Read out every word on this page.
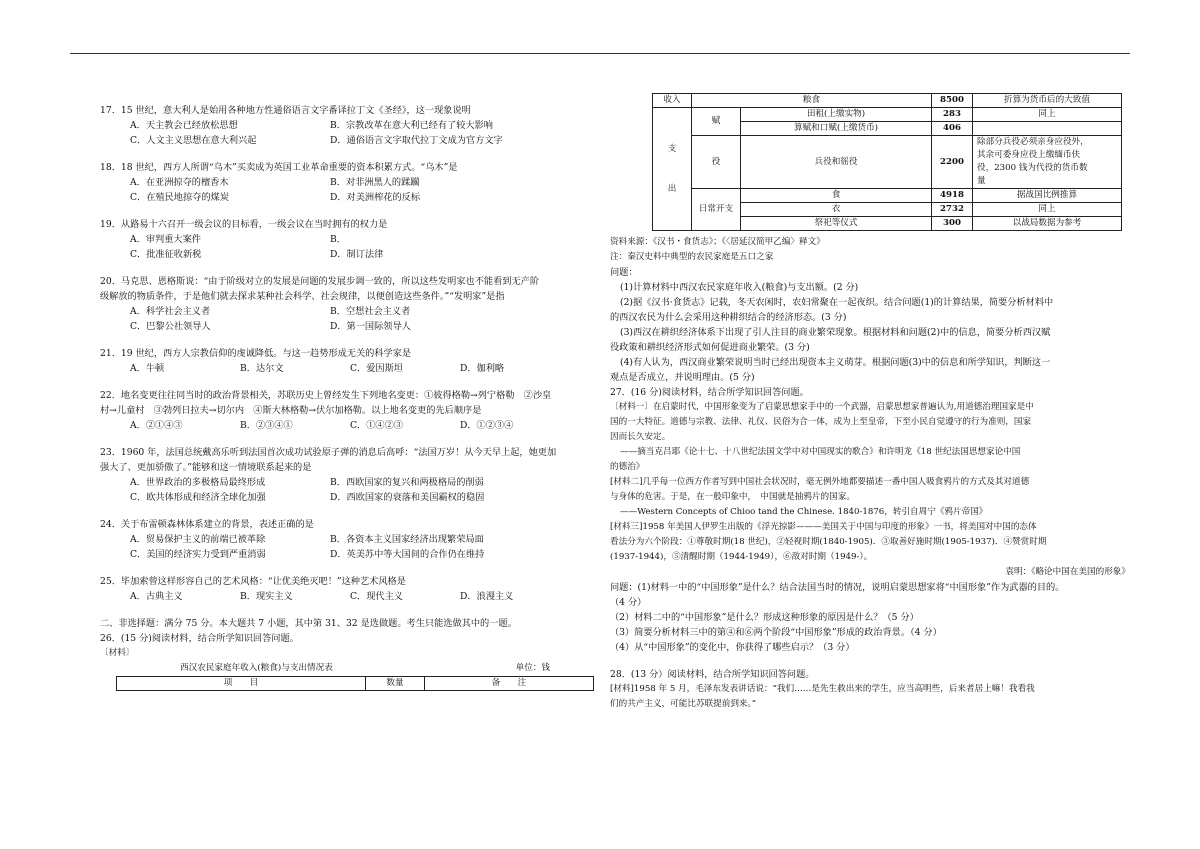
17．15 世纪，意大利人是始用各种地方性通俗语言文字番译拉丁文《圣经》，这一现象说明

A．天主教会已经放松思想	B．宗教改革在意大利已经有了较大影响
C．人文主义思想在意大利兴起	D．通俗语言文字取代拉丁文成为官方文字

18．18 世纪，西方人所谓“乌木”买卖成为英国工业革命重要的资本积累方式。“乌木”是

A．在亚洲掠夺的檀香木	B．对非洲黑人的蹂躏
C．在殖民地掠夺的煤炭	D．对美洲榨花的反标

19．从路易十六召开一级会议的目标看，一级会议在当时拥有的权力是

A．审判重大案件	B．
C．批准征收新税	D．制订法律

20．马克思、恩格斯说：“由于阶级对立的发展是问题的发展步调一致的，所以这些发明家也不能看到无产阶

级解放的物质条件，于是他们就去探求某种社会科学、社会规律，以便创造这些条件。”“发明家”是指

A．科学社会主义者	B．空想社会主义者
C．巴黎公社领导人	D．第一国际领导人

21．19 世纪，西方人宗教信仰的虔诚降低。与这一趋势形成无关的科学家是

A．牛顿	B．达尔文	C．爱因斯坦	D．伽利略

22．地名变更往往同当时的政治背景相关，苏联历史上曾经发生下列地名变更：①彼得格勒→列宁格勒　②沙皇

村→儿童村　③勃列日拉夫→切尔内　④斯大林格勒→伏尔加格勒。以上地名变更的先后顺序是

A．②①④③	B．②③④①	C．①④②③	D．①②③④

23．1960 年，法国总统戴高乐听到法国首次成功试验原子弹的消息后高呼：“法国万岁！从今天早上起，她更加

强大了、更加骄傲了。”能够和这一情境联系起来的是

A．世界政治的多极格局最终形成	B．西欧国家的复兴和两极格局的削弱
C．欧共体形成和经济全球化加强	D．西欧国家的衰落和美国霸权的稳固

24．关于布雷顿森林体系建立的背景，表述正确的是

A．贸易保护主义的前端已被革除	B．各资本主义国家经济出现繁荣局面
C．美国的经济实力受到严重消弱	D．英美苏中等大国间的合作仍在维持

25．毕加索曾这样形容自己的艺术风格：“让优美绝灭吧！”这种艺术风格是

A．古典主义	B．现实主义	C．现代主义	D．浪漫主义

二、非选择题：满分 75 分。本大题共 7 小题，其中第 31、32 是选做题。考生只能选做其中的一题。

26．(15 分)阅读材料，结合所学知识回答问题。

〔材料〕

西汉农民家庭年收入(粮食)与支出情况表	单位：钱
项　　目	数量	备　　注
收入	粮食		8500	折算为货币后的大致值
支

出	赋	田租(上缴实物)	283	同上
		算赋和口赋(上缴货币)	406	
	役	兵役和徭役	2200	除部分兵役必须亲身应役外，
其余可委身应役上缴缅币伕
役，2300 钱为代役的货币数
量

	日常开支	食	4918	据战国比例推算
		衣	2732	同上
		祭祀等仪式	300	以战局数据为参考

资料来源：《汉书・食货志》；《〈居延汉简甲乙编〉释文》

注：秦汉史料中典型的农民家庭是五口之家

问题：

(1)计算材料中西汉农民家庭年收入(粮食)与支出额。(2 分)

(2)据《汉书·食货志》记载，冬天农闲时，农妇常聚在一起夜织。结合问题(1)的计算结果，简要分析材料中

的西汉农民为什么会采用这种耕织结合的经济形态。(3 分)

(3)西汉在耕织经济体系下出现了引人注目的商业繁荣现象。根据材料和问题(2)中的信息，简要分析西汉赋

役政策和耕织经济形式如何促进商业繁荣。(3 分)

(4)有人认为，西汉商业繁荣说明当时已经出现资本主义萌芽。根据问题(3)中的信息和所学知识，判断这一

观点是否成立，并说明理由。(5 分)

27．(16 分)阅读材料，结合所学知识回答问题。

〔材料一〕在启蒙时代，中国形象变为了启蒙思想家手中的一个武器，启蒙思想家普遍认为,用道德治理国家是中

国的一大特征。道德与宗教、法律、礼仪、民俗为合一体，成为上至皇帝，下至小民自觉遵守的行为准则，国家

因而长久安定。

——摘当克吕耶《论十七、十八世纪法国文学中对中国现实的歌合》和许明龙《18 世纪法国思想家论中国

的德治》

[材料二]几乎每一位西方作者写到中国社会状况时，毫无例外地都要描述一番中国人吸食鸦片的方式及其对道德

与身体的危害。于是，在一般印象中，　中国就是抽鸦片的国家。

——Western Concepts of Chioo tand the Chinese. 1840-1876，转引自周宁《鸦片帝国》

[材料三]1958 年美国人伊罗生出版的《浮光掠影———美国关于中国与印度的形象》一书，将美国对中国的态体

看法分为六个阶段：①尊敬时期(18 世纪)，②轻视时期(1840-1905)．③取善好施时期(1905-1937)．④赞赏时期

(1937-1944)，⑤清醒时期（1944-1949），⑥敌对时期（1949-）。

袁明：《略论中国在美国的形象》

问题：(1)材料一中的“中国形象”是什么？结合法国当时的情况，说明启蒙思想家将“中国形象”作为武器的目的。

（4 分）

（2）材料二中的“中国形象”是什么？形成这种形象的原因是什么？（5 分）

（3）简要分析材料三中的第④和⑥两个阶段“中国形象”形成的政治背景。（4 分）

（4）从“中国形象”的变化中，你获得了哪些启示？（3 分）

28．(13 分）阅读材料，结合所学知识回答问题。

[材料]1958 年 5 月，毛泽东发表讲话说：“我们……是先生救出来的学生，应当高明些，后来者居上嘛！我看我

们的共产主义，可能比苏联提前到来。”
